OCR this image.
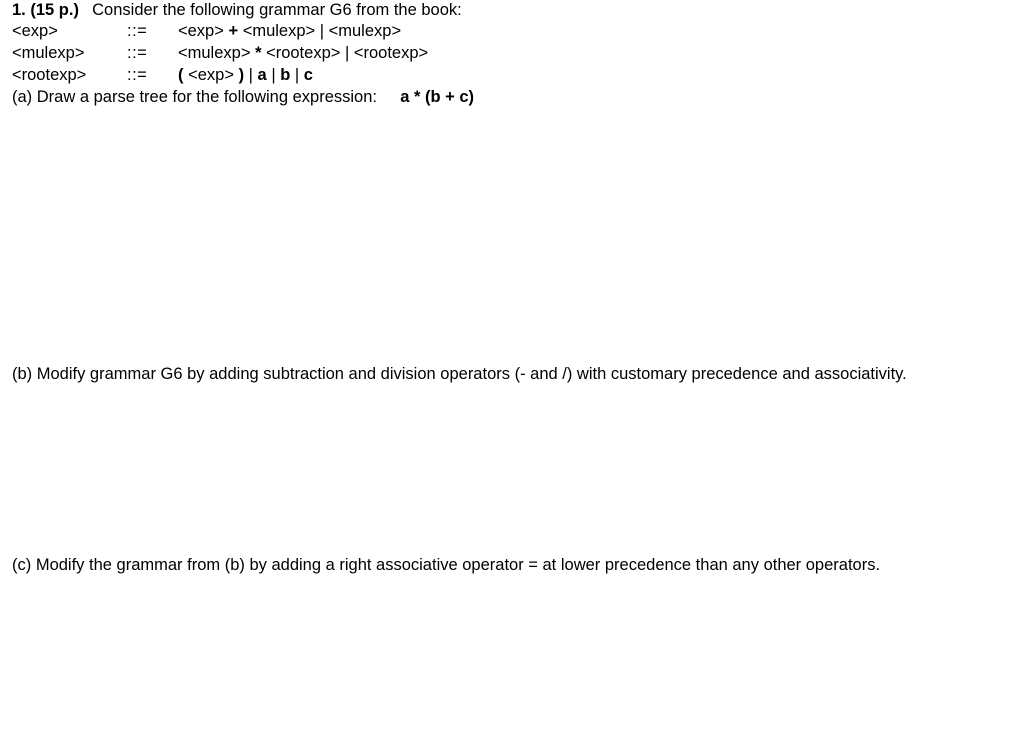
1. (15 p.) Consider the following grammar G6 from the book:
<exp>	::= <exp> + <mulexp> | <mulexp>
<mulexp>	::= <mulexp> * <rootexp> | <rootexp>
<rootexp> ::= ( <exp> ) | a | b | c
(a) Draw a parse tree for the following expression: a * (b + c)
(b) Modify grammar G6 by adding subtraction and division operators (- and /) with customary precedence and associativity.
(c) Modify the grammar from (b) by adding a right associative operator = at lower precedence than any other operators.
